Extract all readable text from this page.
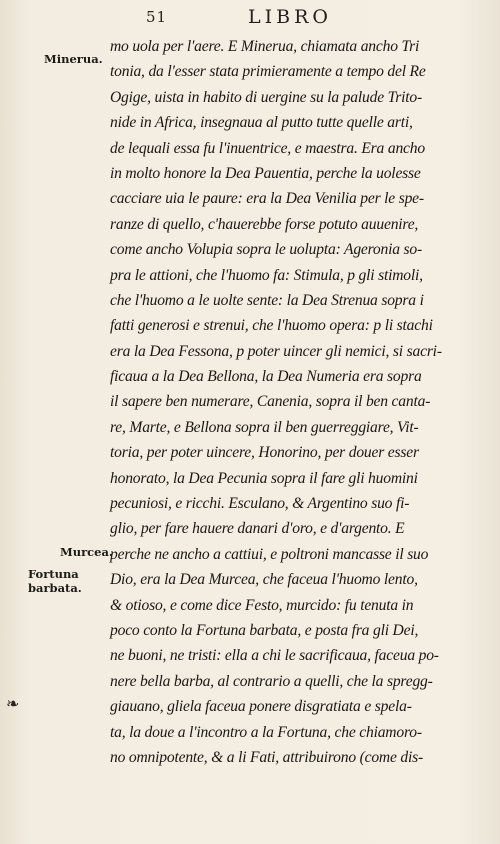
51	LIBRO
Minerua.
Murcea.
Fortuna barbata.
❧
mo uola per l'aere. E Minerua, chiamata ancho Tri
tonia, da l'esser stata primieramente a tempo del Re
Ogige, uista in habito di uergine su la palude Trito-
nide in Africa, insegnaua al putto tutte quelle arti,
de lequali essa fu l'inuentrice, e maestra. Era ancho
in molto honore la Dea Pauentia, perche la uolesse
cacciare uia le paure: era la Dea Venilia per le spe-
ranze di quello, c'hauerebbe forse potuto auuenire,
come ancho Volupia sopra le uolupta: Ageronia so-
pra le attioni, che l'huomo fa: Stimula, p gli stimoli,
che l'huomo a le uolte sente: la Dea Strenua sopra i
fatti generosi e strenui, che l'huomo opera: p li stachi
era la Dea Fessona, p poter uincer gli nemici, si sacri-
ficaua a la Dea Bellona, la Dea Numeria era sopra
il sapere ben numerare, Canenia, sopra il ben canta-
re, Marte, e Bellona sopra il ben guerreggiare, Vit-
toria, per poter uincere, Honorino, per douer esser
honorato, la Dea Pecunia sopra il fare gli huomini
pecuniosi, e ricchi. Esculano, & Argentino suo fi-
glio, per fare hauere danari d'oro, e d'argento. E
perche ne ancho a cattiui, e poltroni mancasse il suo
Dio, era la Dea Murcea, che faceua l'huomo lento,
& otioso, e come dice Festo, murcido: fu tenuta in
poco conto la Fortuna barbata, e posta fra gli Dei,
ne buoni, ne tristi: ella a chi le sacrificaua, faceua po-
nere bella barba, al contrario a quelli, che la spregg-
giauano, gliela faceua ponere disgratiata e spela-
ta, la doue a l'incontro a la Fortuna, che chiamoro-
no omnipotente, & a li Fati, attribuirono (come dis-
